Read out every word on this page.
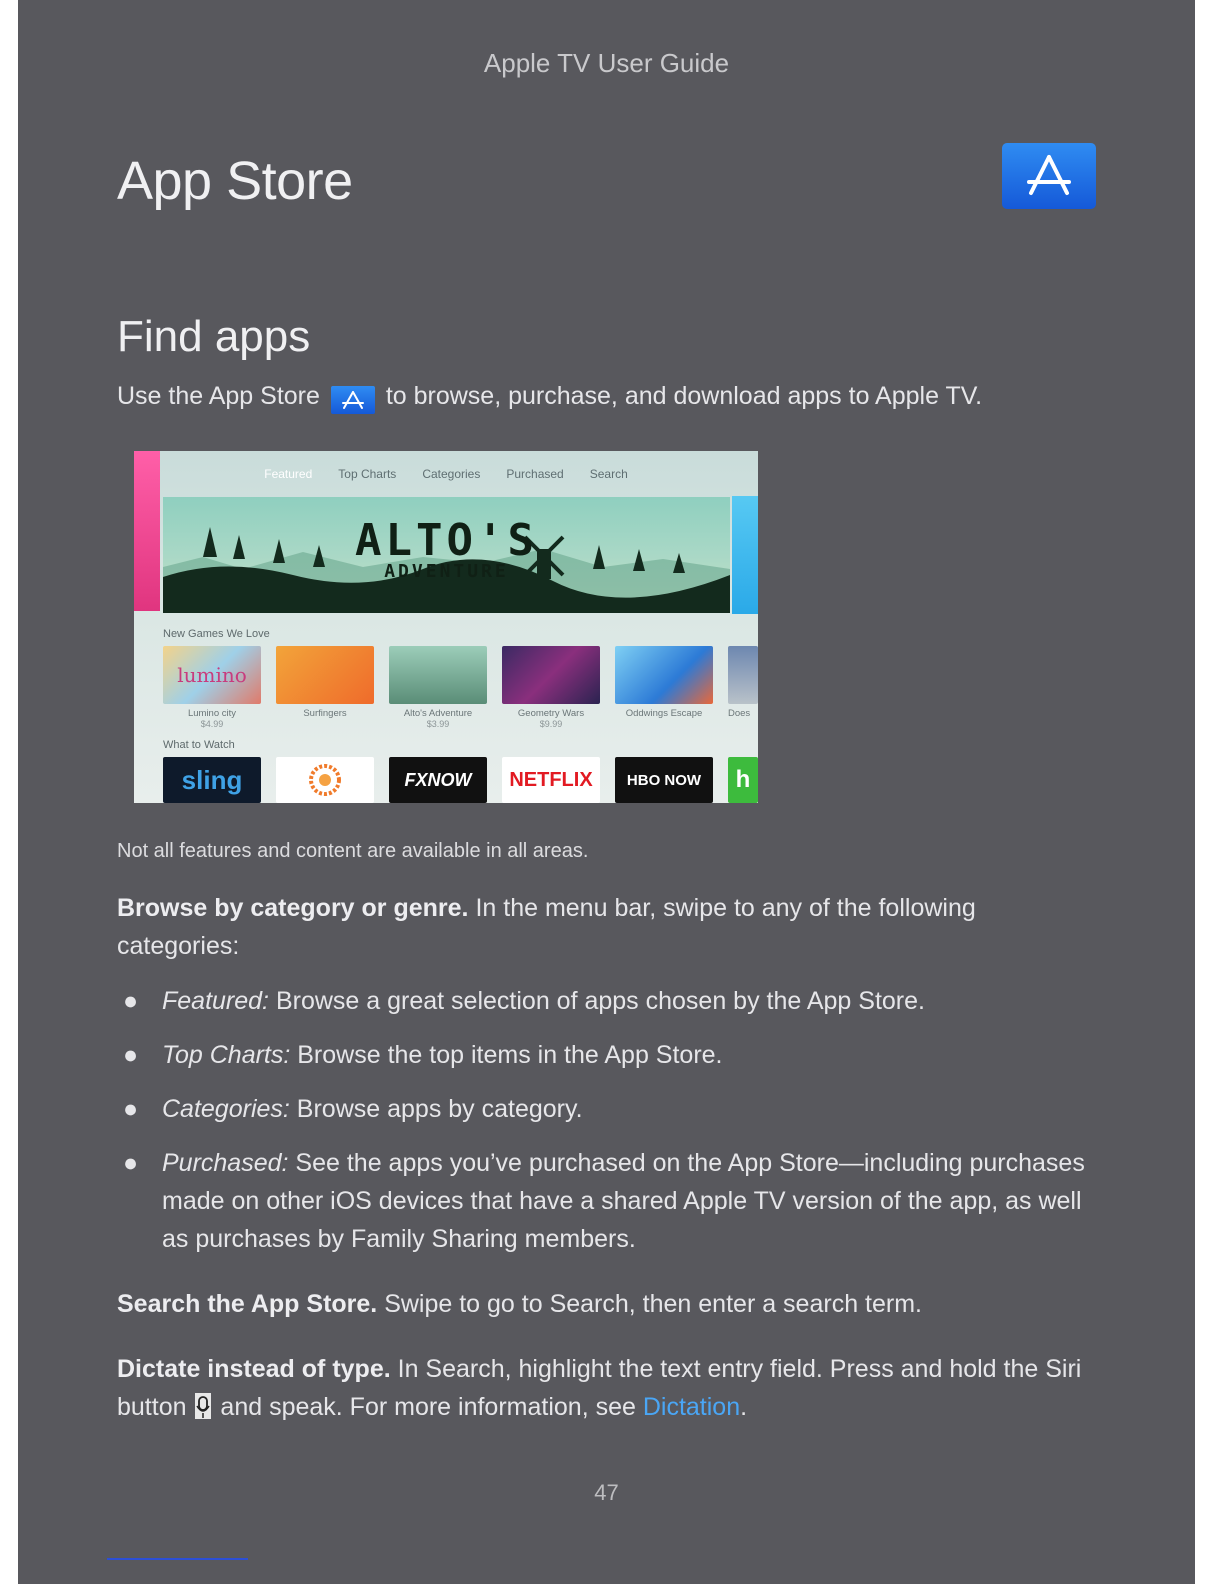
Apple TV User Guide
App Store
Find apps
Use the App Store	to browse, purchase, and download apps to Apple TV.
Featured Top Charts Categories Purchased Search
ALTO'S
ADVENTURE
New Games We Love
lumino
Lumino city
$4.99
Surfingers	Alto's Adventure
$3.99
Geometry Wars
$9.99
Oddwings Escape	Does
What to Watch
sling	FXNOW	NETFLIX	HBO NOW	h
Not all features and content are available in all areas.
Browse by category or genre. In the menu bar, swipe to any of the following categories:
● Featured: Browse a great selection of apps chosen by the App Store.
● Top Charts: Browse the top items in the App Store.
● Categories: Browse apps by category.
● Purchased: See the apps you’ve purchased on the App Store—including purchases made on other iOS devices that have a shared Apple TV version of the app, as well as purchases by Family Sharing members.
Search the App Store. Swipe to go to Search, then enter a search term.
Dictate instead of type. In Search, highlight the text entry field. Press and hold the Siri button  and speak. For more information, see Dictation.
47
